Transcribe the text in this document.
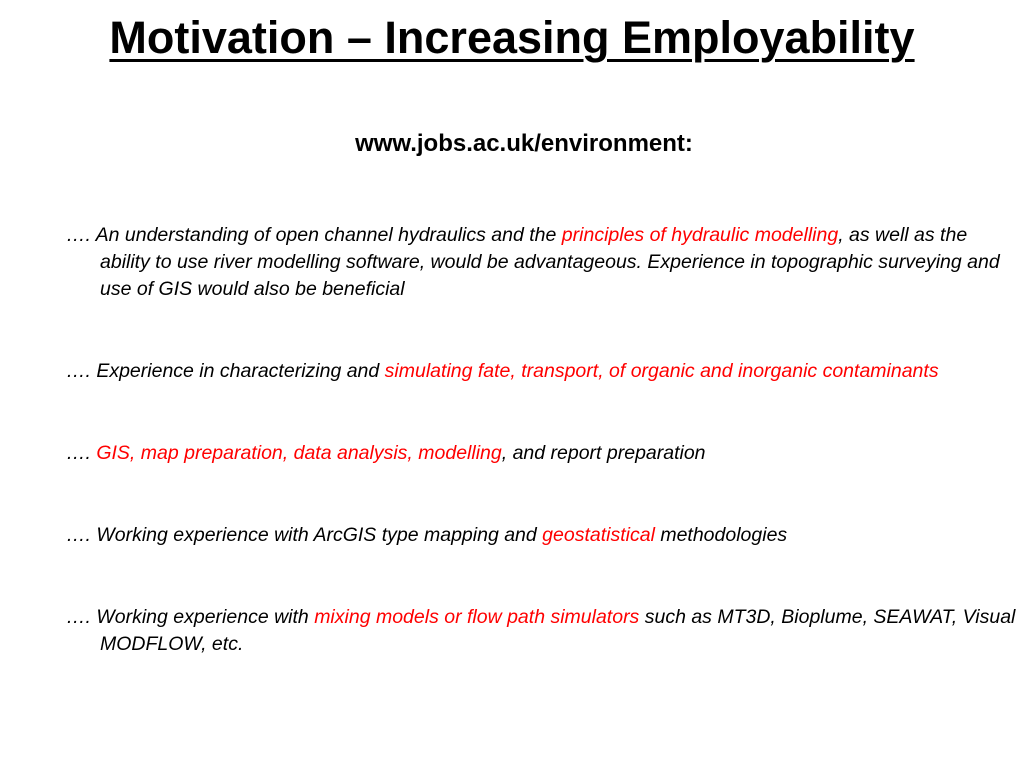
Motivation – Increasing Employability
www.jobs.ac.uk/environment:
…. An understanding of open channel hydraulics and the principles of hydraulic modelling, as well as the ability to use river modelling software, would be advantageous. Experience in topographic surveying and use of GIS would also be beneficial
…. Experience in characterizing and simulating fate, transport, of organic and inorganic contaminants
…. GIS, map preparation, data analysis, modelling, and report preparation
…. Working experience with ArcGIS type mapping and geostatistical methodologies
…. Working experience with mixing models or flow path simulators such as MT3D, Bioplume, SEAWAT, Visual MODFLOW, etc.
